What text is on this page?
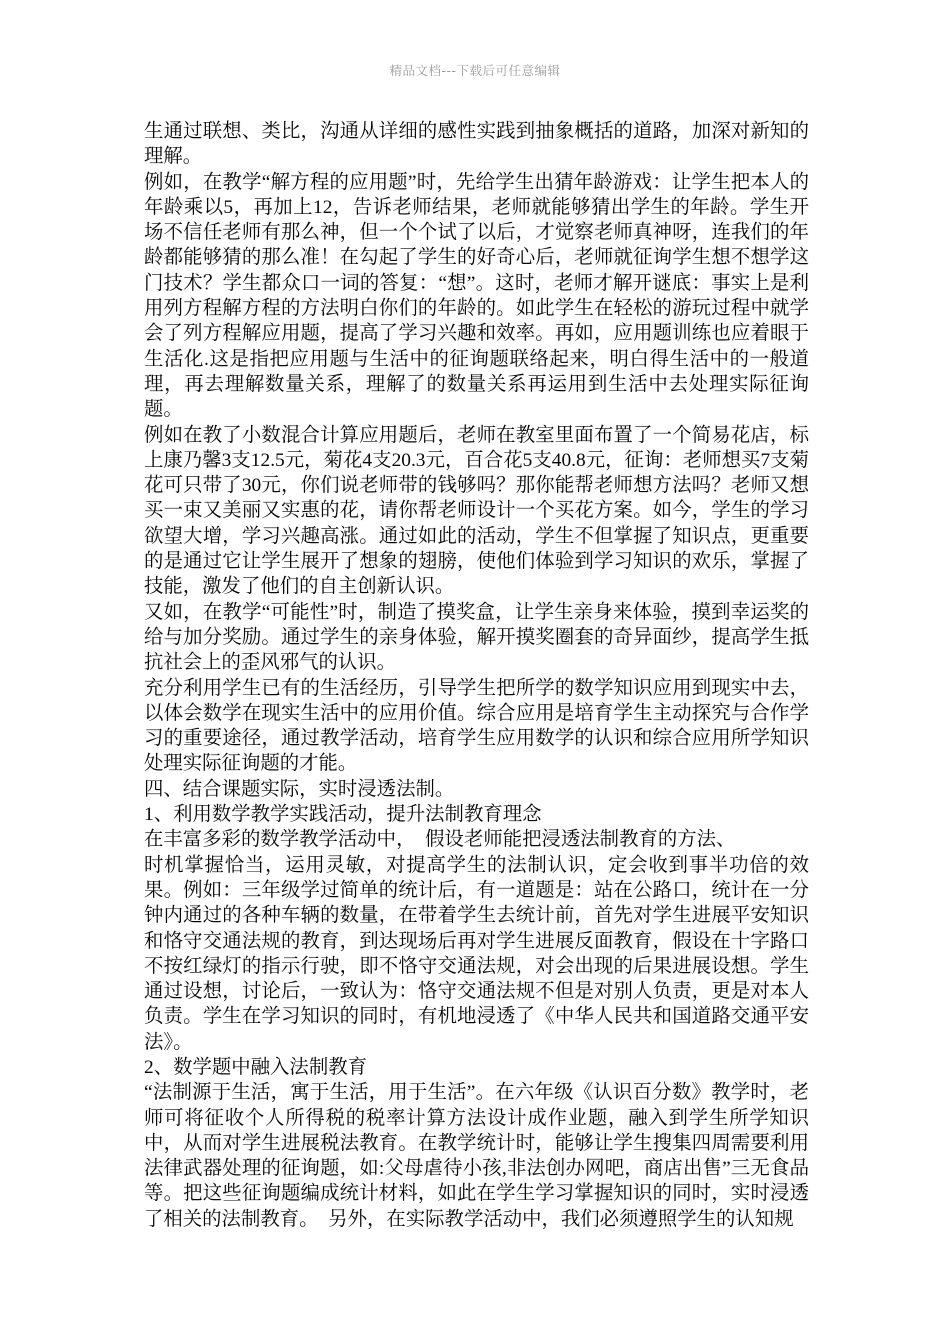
精品文档---下载后可任意编辑

生通过联想、类比，沟通从详细的感性实践到抽象概括的道路，加深对新知的理解。

例如，在教学“解方程的应用题”时，先给学生出猜年龄游戏：让学生把本人的年龄乘以5，再加上12，告诉老师结果，老师就能够猜出学生的年龄。学生开场不信任老师有那么神，但一个个试了以后，才觉察老师真神呀，连我们的年龄都能够猜的那么准！在勾起了学生的好奇心后，老师就征询学生想不想学这门技术？学生都众口一词的答复：“想”。这时，老师才解开谜底：事实上是利用列方程解方程的方法明白你们的年龄的。如此学生在轻松的游玩过程中就学会了列方程解应用题，提高了学习兴趣和效率。再如，应用题训练也应着眼于生活化.这是指把应用题与生活中的征询题联络起来，明白得生活中的一般道理，再去理解数量关系，理解了的数量关系再运用到生活中去处理实际征询题。

例如在教了小数混合计算应用题后，老师在教室里面布置了一个简易花店，标上康乃馨3支12.5元，菊花4支20.3元，百合花5支40.8元，征询：老师想买7支菊花可只带了30元，你们说老师带的钱够吗？那你能帮老师想方法吗？老师又想买一束又美丽又实惠的花，请你帮老师设计一个买花方案。如今，学生的学习欲望大增，学习兴趣高涨。通过如此的活动，学生不但掌握了知识点，更重要的是通过它让学生展开了想象的翅膀，使他们体验到学习知识的欢乐，掌握了技能，激发了他们的自主创新认识。

又如，在教学“可能性”时，制造了摸奖盒，让学生亲身来体验，摸到幸运奖的给与加分奖励。通过学生的亲身体验，解开摸奖圈套的奇异面纱，提高学生抵抗社会上的歪风邪气的认识。

充分利用学生已有的生活经历，引导学生把所学的数学知识应用到现实中去，以体会数学在现实生活中的应用价值。综合应用是培育学生主动探究与合作学习的重要途径，通过教学活动，培育学生应用数学的认识和综合应用所学知识处理实际征询题的才能。

四、结合课题实际，实时浸透法制。

1、利用数学教学实践活动，提升法制教育理念

在丰富多彩的数学教学活动中，　假设老师能把浸透法制教育的方法、

时机掌握恰当，运用灵敏，对提高学生的法制认识，定会收到事半功倍的效果。例如：三年级学过简单的统计后，有一道题是：站在公路口，统计在一分钟内通过的各种车辆的数量，在带着学生去统计前，首先对学生进展平安知识和恪守交通法规的教育，到达现场后再对学生进展反面教育，假设在十字路口不按红绿灯的指示行驶，即不恪守交通法规，对会出现的后果进展设想。学生通过设想，讨论后，一致认为：恪守交通法规不但是对别人负责，更是对本人负责。学生在学习知识的同时，有机地浸透了《中华人民共和国道路交通平安法》。

2、数学题中融入法制教育

“法制源于生活，寓于生活，用于生活”。在六年级《认识百分数》教学时，老师可将征收个人所得税的税率计算方法设计成作业题，融入到学生所学知识中，从而对学生进展税法教育。在教学统计时，能够让学生搜集四周需要利用法律武器处理的征询题，如:父母虐待小孩,非法创办网吧，商店出售”三无食品等。把这些征询题编成统计材料，如此在学生学习掌握知识的同时，实时浸透了相关的法制教育。　另外，在实际教学活动中，我们必须遵照学生的认知规
